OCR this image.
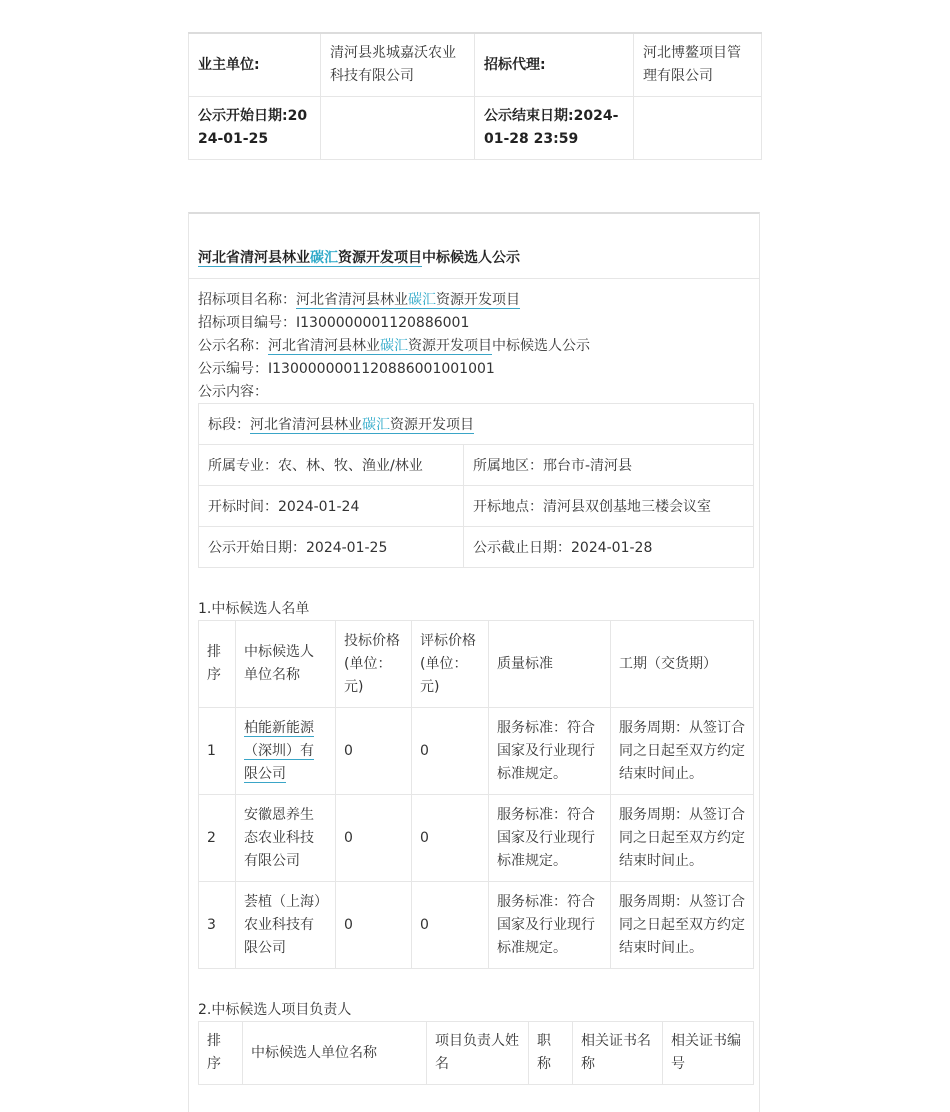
业主单位:	清河县兆城嘉沃农业科技有限公司	招标代理:	河北博鳌项目管理有限公司
公示开始日期:2024-01-25		公示结束日期:2024-01-28 23:59	
河北省清河县林业碳汇资源开发项目中标候选人公示
招标项目名称：河北省清河县林业碳汇资源开发项目
招标项目编号：I1300000001120886001
公示名称：河北省清河县林业碳汇资源开发项目中标候选人公示
公示编号：I1300000001120886001001001
公示内容：
标段：河北省清河县林业碳汇资源开发项目	
所属专业：农、林、牧、渔业/林业	所属地区：邢台市-清河县
开标时间：2024-01-24	开标地点：清河县双创基地三楼会议室
公示开始日期：2024-01-25	公示截止日期：2024-01-28
1.中标候选人名单
排序	中标候选人单位名称	投标价格(单位：元)	评标价格(单位：元)	质量标准	工期（交货期）
1	柏能新能源（深圳）有限公司	0	0	服务标准：符合国家及行业现行标准规定。	服务周期：从签订合同之日起至双方约定结束时间止。
2	安徽恩养生态农业科技有限公司	0	0	服务标准：符合国家及行业现行标准规定。	服务周期：从签订合同之日起至双方约定结束时间止。
3	荟植（上海）农业科技有限公司	0	0	服务标准：符合国家及行业现行标准规定。	服务周期：从签订合同之日起至双方约定结束时间止。
2.中标候选人项目负责人
排序	中标候选人单位名称	项目负责人姓名	职称	相关证书名称	相关证书编号
